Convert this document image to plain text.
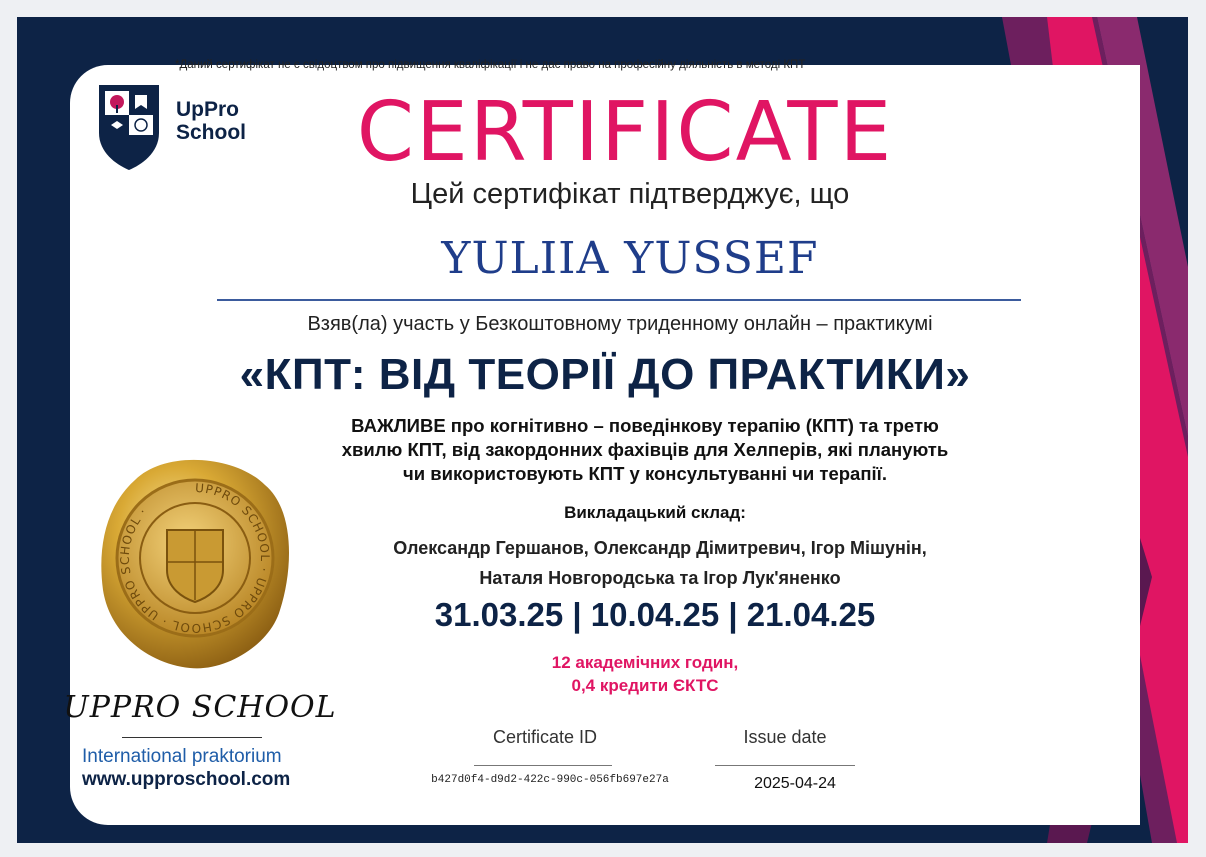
*Даний сертифікат не є свідоцтвом про підвищення кваліфікації і не дає право на професійну діяльність в методі КПТ
UpPro
School	CERTIFICATE
Цей сертифікат підтверджує, що
YULIIA YUSSEF
Взяв(ла) участь у Безкоштовному триденному онлайн – практикумі
«КПТ: ВІД ТЕОРІЇ ДО ПРАКТИКИ»
ВАЖЛИВЕ про когнітивно – поведінкову терапію (КПТ) та третю
хвилю КПТ, від закордонних фахівців для Хелперів, які планують
чи використовують КПТ у консультуванні чи терапії.
Викладацький склад:
Олександр Гершанов, Олександр Дімитревич, Ігор Мішунін,
Наталя Новгородська та Ігор Лук'яненко
31.03.25 | 10.04.25 | 21.04.25
12 академічних годин,
0,4 кредити ЄКТС
UPPRO SCHOOL · UPPRO SCHOOL · UPPRO SCHOOL ·
UPPRO SCHOOL
International praktorium
www.upproschool.com
Certificate ID
b427d0f4-d9d2-422c-990c-056fb697e27a
Issue date
2025-04-24
